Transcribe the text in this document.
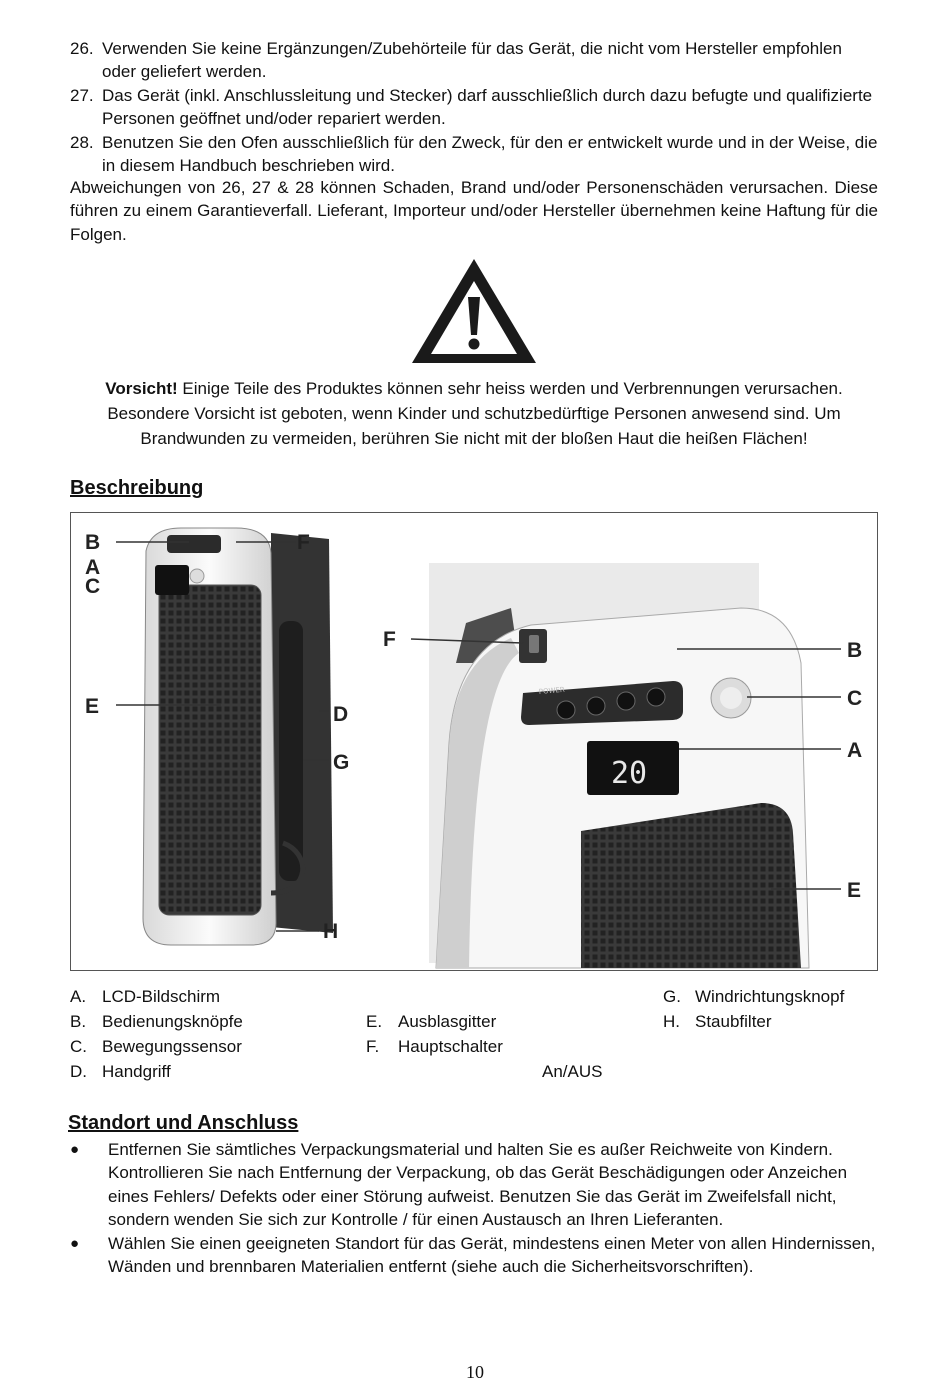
26. Verwenden Sie keine Ergänzungen/Zubehörteile für das Gerät, die nicht vom Hersteller empfohlen oder geliefert werden.
27. Das Gerät (inkl. Anschlussleitung und Stecker) darf ausschließlich durch dazu befugte und qualifizierte Personen geöffnet und/oder repariert werden.
28. Benutzen Sie den Ofen ausschließlich für den Zweck, für den er entwickelt wurde und in der Weise, die in diesem Handbuch beschrieben wird.

Abweichungen von 26, 27 & 28 können Schaden, Brand und/oder Personenschäden verursachen. Diese führen zu einem Garantieverfall. Lieferant, Importeur und/oder Hersteller übernehmen keine Haftung für die Folgen.

Vorsicht! Einige Teile des Produktes können sehr heiss werden und Verbrennungen verursachen. Besondere Vorsicht ist geboten, wenn Kinder und schutzbedürftige Personen anwesend sind. Um Brandwunden zu vermeiden, berühren Sie nicht mit der bloßen Haut die heißen Flächen!
Beschreibung
POWER
20
B
A
C
F
E	D
G
H
F	B
C
A
E
A. LCD-Bildschirm
B. Bedienungsknöpfe
C. Bewegungssensor
D. Handgriff
E. Ausblasgitter
F. Hauptschalter
An/AUS
G. Windrichtungsknopf
H. Staubfilter
Standort und Anschluss
●	Entfernen Sie sämtliches Verpackungsmaterial und halten Sie es außer Reichweite von Kindern. Kontrollieren Sie nach Entfernung der Verpackung, ob das Gerät Beschädigungen oder Anzeichen eines Fehlers/ Defekts oder einer Störung aufweist. Benutzen Sie das Gerät im Zweifelsfall nicht, sondern wenden Sie sich zur Kontrolle / für einen Austausch an Ihren Lieferanten.
●	Wählen Sie einen geeigneten Standort für das Gerät, mindestens einen Meter von allen Hindernissen, Wänden und brennbaren Materialien entfernt (siehe auch die Sicherheitsvorschriften).
10
